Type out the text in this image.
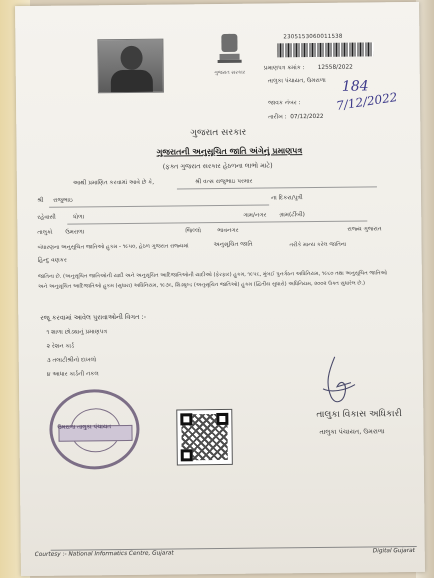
ગુજરાત સરકાર
2305153060011538
પ્રમાણપત્ર ક્રમાંક : 12558/2022
તાલુકા પંચાયત, ઉમરાળા
જાવક નંબર :
184
7/12/2022
તારીખ : 07/12/2022
ગુજરાત સરકાર
ગુજરાતની અનુસૂચિત જાતિ અંગેનું પ્રમાણપત્ર
(ફક્ત ગુજરાત સરકાર હેઠળના લાભો માટે)
આથી પ્રમાણિત કરવામાં આવે છે કે,	શ્રી વત્સ રાજુભાઇ પરમાર
શ્રી રાજુભાઇ	ના દિકરા/પુત્રી
રહેવાસી	ધોળા	ગામ/નગર ગ્રામ(ટીંબી)
તાલુકો ઉમરાળા	જિલ્લો	ભાવનગર	રાજ્ય ગુજરાત
બંધારણના અનુસૂચિત જાતિઓ હુકમ - ૧૯૫૦, હેઠળ ગુજરાત રાજ્યમાં	અનુસૂચિત જાતિ	તરીકે માન્ય કરેલ જાતિના
હિન્દુ વણકર
જાતિના છે. (અનુસૂચિત જાતિઓની યાદી અને અનુસૂચિત આદિજાતિઓની યાદીઓ (ફેરફાર) હુકમ, ૧૯૫૬, મુંબઈ પુનર્ગઠન અધિનિયમ, ૧૯૬૦ તથા અનુસૂચિત જાતિઓ અને અનુસૂચિત આદિજાતિઓ હુકમ (સુધારા) અધિનિયમ, ૧૯૭૬, શિડ્યુલ્ડ (અનુસૂચિત જાતિઓ) હુકમ (દ્વિતીય સુધારો) અધિનિયમ, ૨૦૦૨ ઉક્ત સુધારેલ છે.)
રજૂ કરવામાં આવેલ પુરાવાઓની વિગત :-
૧ શાળા છોડ્યાનું પ્રમાણપત્ર
૨ રેશન કાર્ડ
૩ તલાટીશ્રીનો દાખલો
૪ આધાર કાર્ડની નકલ
ઉમરાળા તાલુકા પંચાયત
તાલુકા વિકાસ અધિકારી
તાલુકા પંચાયત, ઉમરાળા
Courtesy :- National Informatics Centre, Gujarat	Digital Gujarat
